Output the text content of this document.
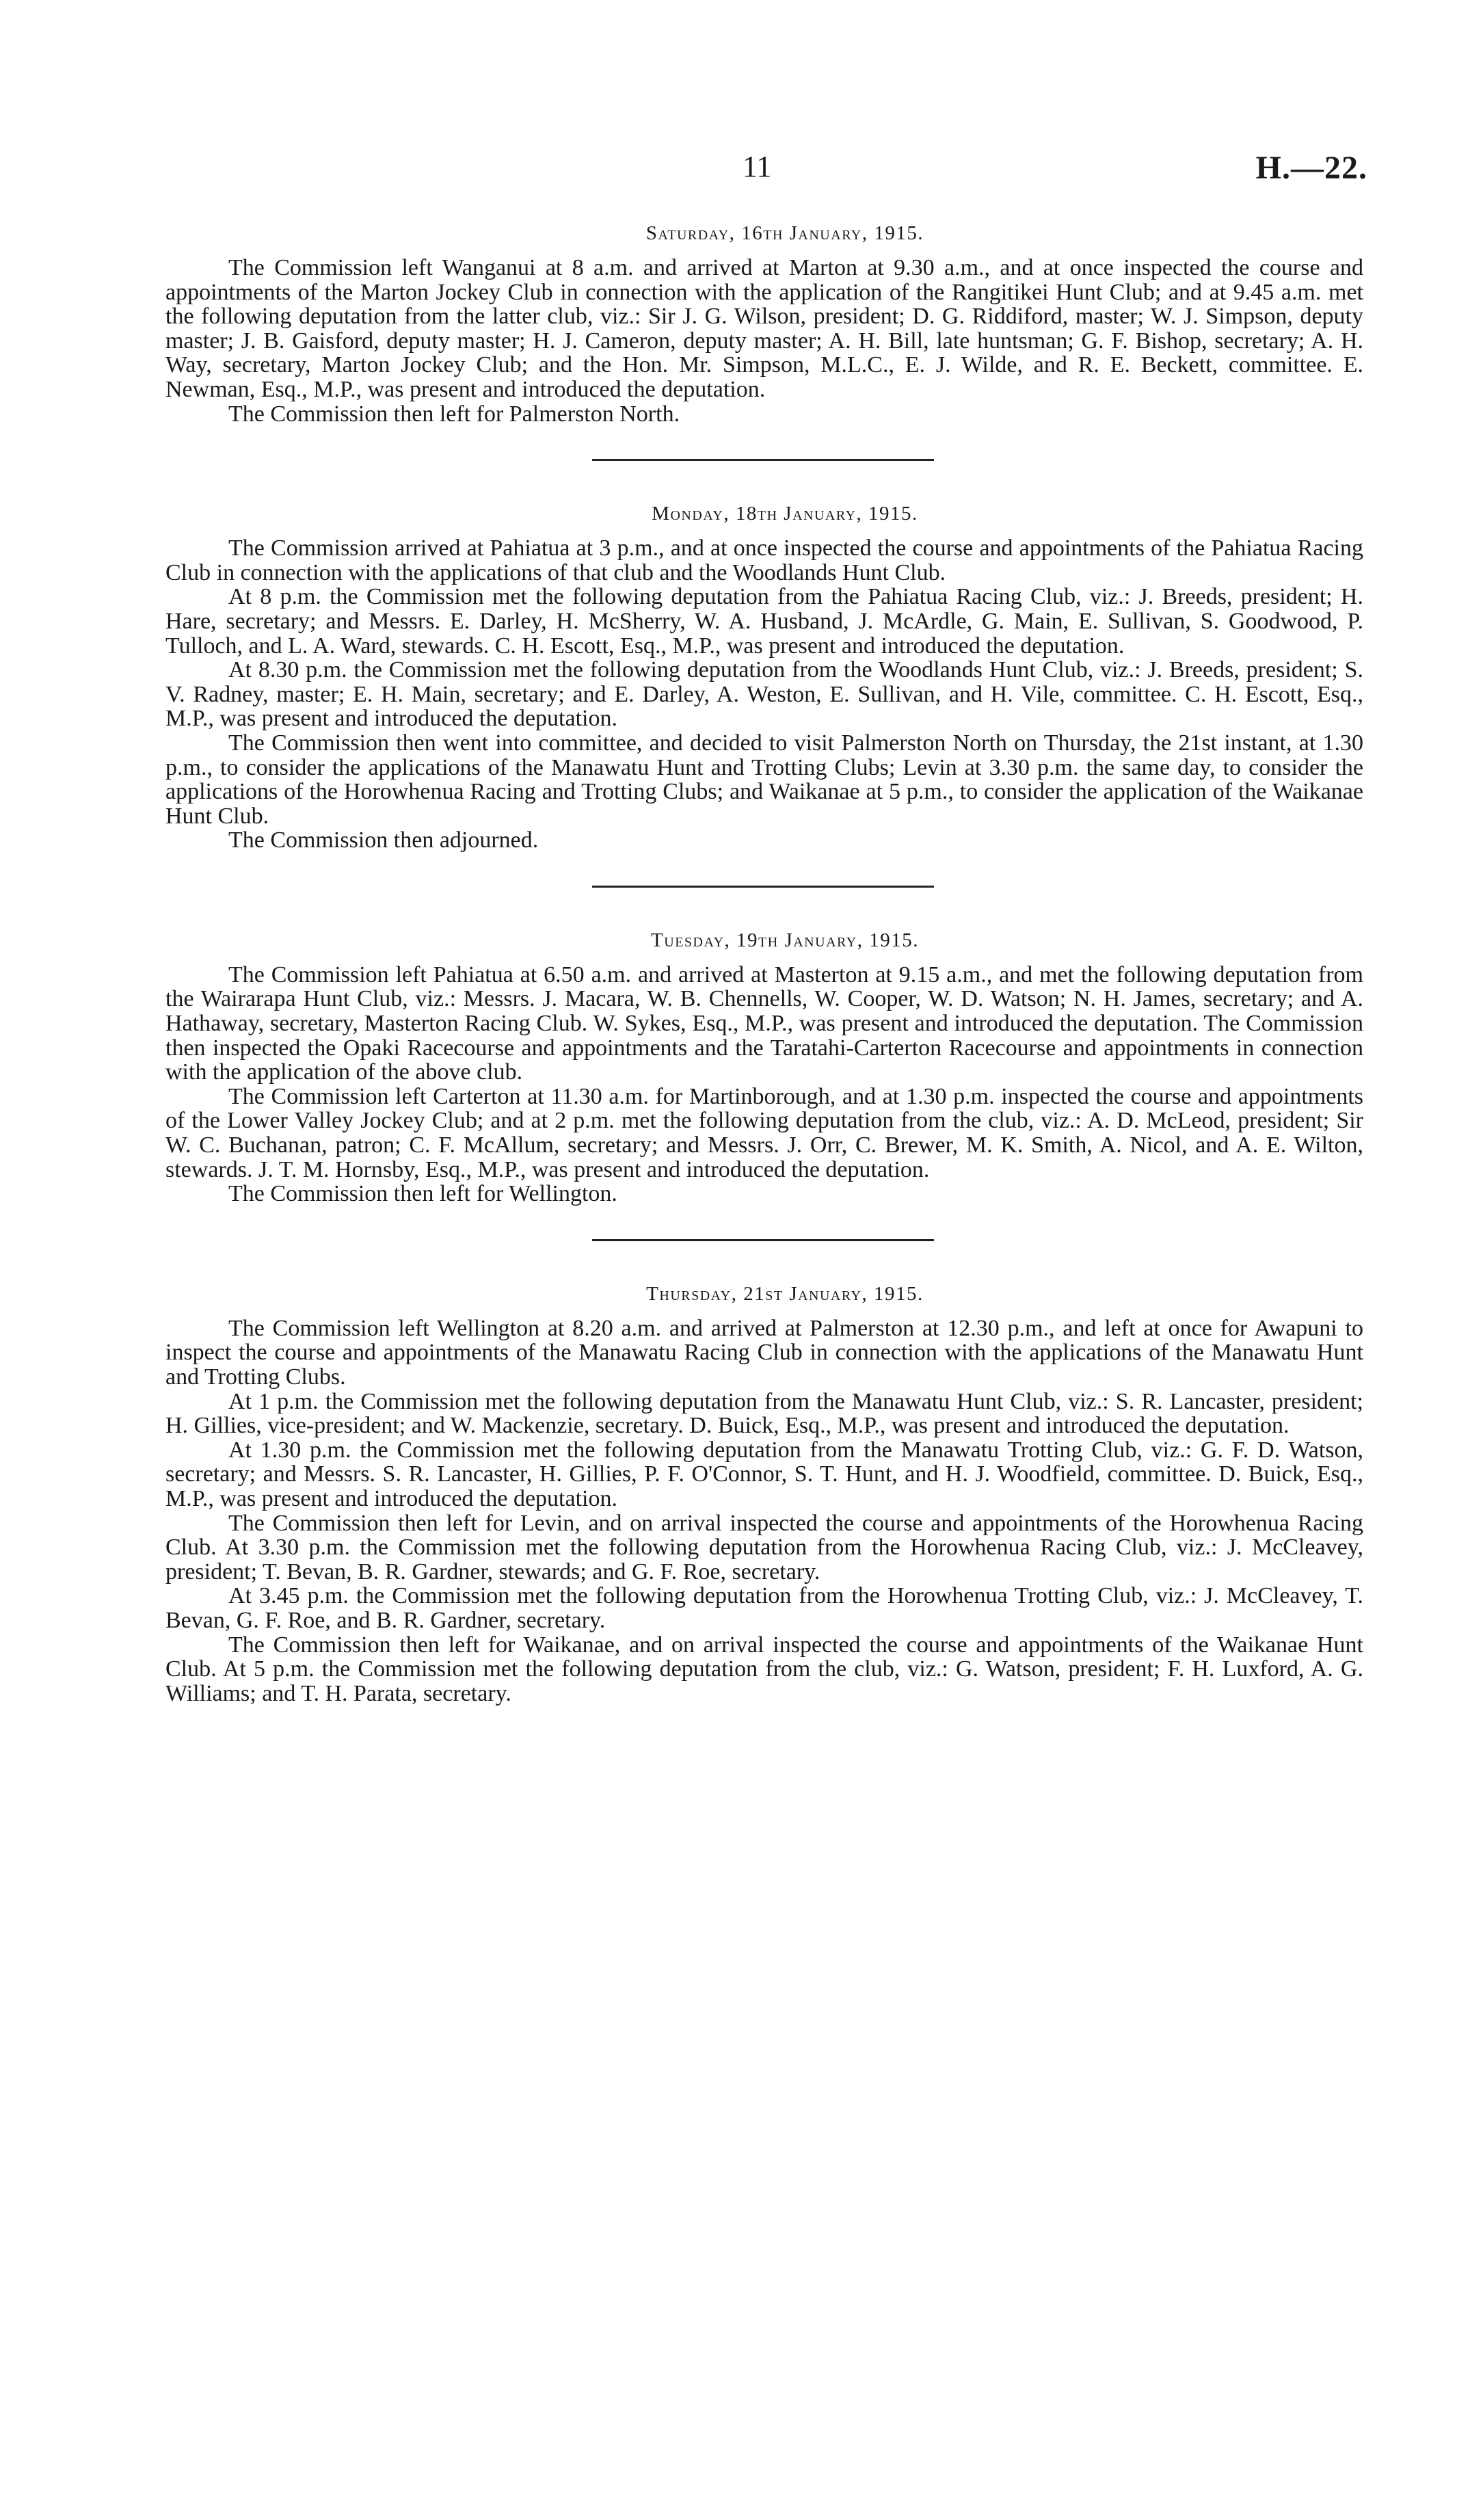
11	H.—22.
Saturday, 16th January, 1915.

The Commission left Wanganui at 8 a.m. and arrived at Marton at 9.30 a.m., and at once inspected the course and appointments of the Marton Jockey Club in connection with the application of the Rangitikei Hunt Club; and at 9.45 a.m. met the following deputation from the latter club, viz.: Sir J. G. Wilson, president; D. G. Riddiford, master; W. J. Simpson, deputy master; J. B. Gaisford, deputy master; H. J. Cameron, deputy master; A. H. Bill, late huntsman; G. F. Bishop, secretary; A. H. Way, secretary, Marton Jockey Club; and the Hon. Mr. Simpson, M.L.C., E. J. Wilde, and R. E. Beckett, committee. E. Newman, Esq., M.P., was present and introduced the deputation.

The Commission then left for Palmerston North.

Monday, 18th January, 1915.

The Commission arrived at Pahiatua at 3 p.m., and at once inspected the course and appointments of the Pahiatua Racing Club in connection with the applications of that club and the Woodlands Hunt Club.

At 8 p.m. the Commission met the following deputation from the Pahiatua Racing Club, viz.: J. Breeds, president; H. Hare, secretary; and Messrs. E. Darley, H. McSherry, W. A. Husband, J. McArdle, G. Main, E. Sullivan, S. Goodwood, P. Tulloch, and L. A. Ward, stewards. C. H. Escott, Esq., M.P., was present and introduced the deputation.

At 8.30 p.m. the Commission met the following deputation from the Woodlands Hunt Club, viz.: J. Breeds, president; S. V. Radney, master; E. H. Main, secretary; and E. Darley, A. Weston, E. Sullivan, and H. Vile, committee. C. H. Escott, Esq., M.P., was present and introduced the deputation.

The Commission then went into committee, and decided to visit Palmerston North on Thursday, the 21st instant, at 1.30 p.m., to consider the applications of the Manawatu Hunt and Trotting Clubs; Levin at 3.30 p.m. the same day, to consider the applications of the Horowhenua Racing and Trotting Clubs; and Waikanae at 5 p.m., to consider the application of the Waikanae Hunt Club.

The Commission then adjourned.

Tuesday, 19th January, 1915.

The Commission left Pahiatua at 6.50 a.m. and arrived at Masterton at 9.15 a.m., and met the following deputation from the Wairarapa Hunt Club, viz.: Messrs. J. Macara, W. B. Chennells, W. Cooper, W. D. Watson; N. H. James, secretary; and A. Hathaway, secretary, Masterton Racing Club. W. Sykes, Esq., M.P., was present and introduced the deputation. The Commission then inspected the Opaki Racecourse and appointments and the Taratahi-Carterton Racecourse and appointments in connection with the application of the above club.

The Commission left Carterton at 11.30 a.m. for Martinborough, and at 1.30 p.m. inspected the course and appointments of the Lower Valley Jockey Club; and at 2 p.m. met the following deputation from the club, viz.: A. D. McLeod, president; Sir W. C. Buchanan, patron; C. F. McAllum, secretary; and Messrs. J. Orr, C. Brewer, M. K. Smith, A. Nicol, and A. E. Wilton, stewards. J. T. M. Hornsby, Esq., M.P., was present and introduced the deputation.

The Commission then left for Wellington.

Thursday, 21st January, 1915.

The Commission left Wellington at 8.20 a.m. and arrived at Palmerston at 12.30 p.m., and left at once for Awapuni to inspect the course and appointments of the Manawatu Racing Club in connection with the applications of the Manawatu Hunt and Trotting Clubs.

At 1 p.m. the Commission met the following deputation from the Manawatu Hunt Club, viz.: S. R. Lancaster, president; H. Gillies, vice-president; and W. Mackenzie, secretary. D. Buick, Esq., M.P., was present and introduced the deputation.

At 1.30 p.m. the Commission met the following deputation from the Manawatu Trotting Club, viz.: G. F. D. Watson, secretary; and Messrs. S. R. Lancaster, H. Gillies, P. F. O'Connor, S. T. Hunt, and H. J. Woodfield, committee. D. Buick, Esq., M.P., was present and introduced the deputation.

The Commission then left for Levin, and on arrival inspected the course and appointments of the Horowhenua Racing Club. At 3.30 p.m. the Commission met the following deputation from the Horowhenua Racing Club, viz.: J. McCleavey, president; T. Bevan, B. R. Gardner, stewards; and G. F. Roe, secretary.

At 3.45 p.m. the Commission met the following deputation from the Horowhenua Trotting Club, viz.: J. McCleavey, T. Bevan, G. F. Roe, and B. R. Gardner, secretary.

The Commission then left for Waikanae, and on arrival inspected the course and appointments of the Waikanae Hunt Club. At 5 p.m. the Commission met the following deputation from the club, viz.: G. Watson, president; F. H. Luxford, A. G. Williams; and T. H. Parata, secretary.
